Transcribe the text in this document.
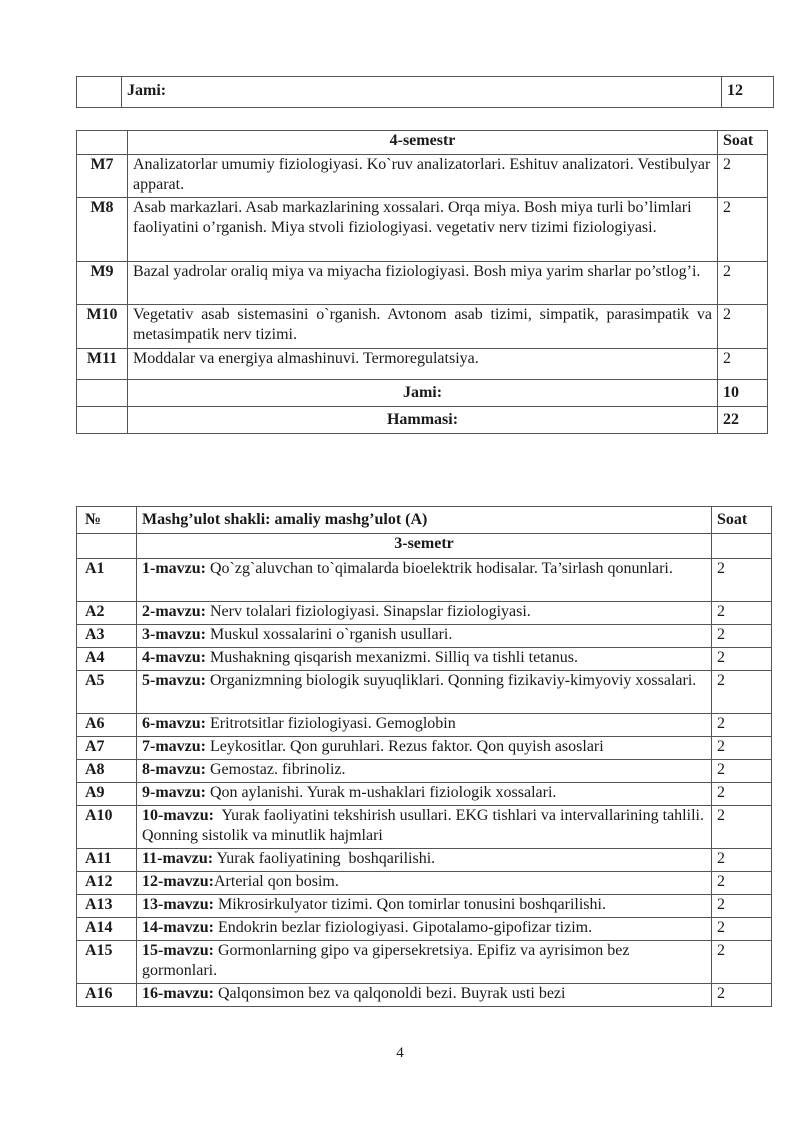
	Jami:	12
	4-semestr	Soat
M7	Analizatorlar umumiy fiziologiyasi. Ko`ruv analizatorlari. Eshituv analizatori. Vestibulyar apparat.	2
M8	Asab markazlari. Asab markazlarining xossalari. Orqa miya. Bosh miya turli bo’limlari faoliyatini o’rganish. Miya stvoli fiziologiyasi. vegetativ nerv tizimi fiziologiyasi.	2
M9	Bazal yadrolar oraliq miya va miyacha fiziologiyasi. Bosh miya yarim sharlar po’stlog’i.	2
M10	Vegetativ asab sistemasini o`rganish. Avtonom asab tizimi, simpatik, parasimpatik va metasimpatik nerv tizimi.	2
M11	Moddalar va energiya almashinuvi. Termoregulatsiya.	2
	Jami:	10
	Hammasi:	22
№	Mashg’ulot shakli: amaliy mashg’ulot (A)	Soat
	3-semetr	
A1	1-mavzu: Qo`zg`aluvchan to`qimalarda bioelektrik hodisalar. Ta’sirlash qonunlari.	2
A2	2-mavzu: Nerv tolalari fiziologiyasi. Sinapslar fiziologiyasi.	2
A3	3-mavzu: Muskul xossalarini o`rganish usullari.	2
A4	4-mavzu: Mushakning qisqarish mexanizmi. Silliq va tishli tetanus.	2
A5	5-mavzu: Organizmning biologik suyuqliklari. Qonning fizikaviy-kimyoviy xossalari.	2
A6	6-mavzu: Eritrotsitlar fiziologiyasi. Gemoglobin	2
A7	7-mavzu: Leykositlar. Qon guruhlari. Rezus faktor. Qon quyish asoslari	2
A8	8-mavzu: Gemostaz. fibrinoliz.	2
A9	9-mavzu: Qon aylanishi. Yurak m-ushaklari fiziologik xossalari.	2
A10	10-mavzu:  Yurak faoliyatini tekshirish usullari. EKG tishlari va intervallarining tahlili. Qonning sistolik va minutlik hajmlari	2
A11	11-mavzu: Yurak faoliyatining  boshqarilishi.	2
A12	12-mavzu:Arterial qon bosim.	2
A13	13-mavzu: Mikrosirkulyator tizimi. Qon tomirlar tonusini boshqarilishi.	2
A14	14-mavzu: Endokrin bezlar fiziologiyasi. Gipotalamo-gipofizar tizim.	2
A15	15-mavzu: Gormonlarning gipo va gipersekretsiya. Epifiz va ayrisimon bez gormonlari.	2
A16	16-mavzu: Qalqonsimon bez va qalqonoldi bezi. Buyrak usti bezi	2
4
